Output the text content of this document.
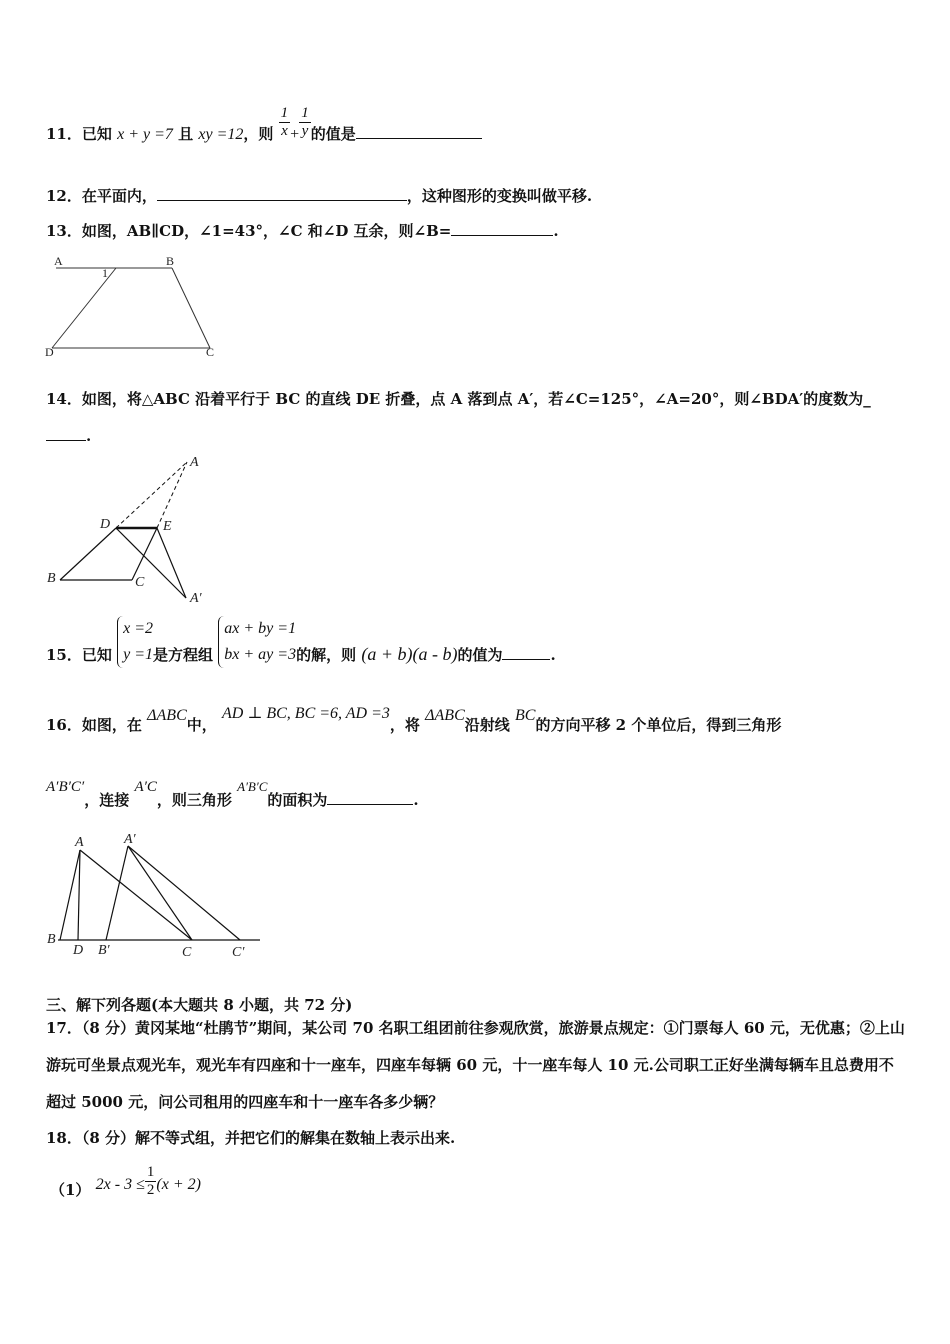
11．已知 x + y =7 且 xy =12，则 $\frac{1}{x} + \frac{1}{y}$ 的值是
12．在平面内，	，这种图形的变换叫做平移.
13．如图，AB∥CD，∠1=43°，∠C 和∠D 互余，则∠B=	.
A	B
1
D	C
14．如图，将△ABC 沿着平行于 BC 的直线 DE 折叠，点 A 落到点 A′，若∠C=125°，∠A=20°，则∠BDA′的度数为_
.
A
D	E
B	C
A′
15．已知
x =2
y =1 是方程组
ax + by =1
bx + ay =3 的解，则 (a + b)(a - b)的值为	.
16．如图，在 ΔABC中， AD ⊥ BC, BC =6, AD =3，将 ΔABC沿射线 BC的方向平移 2 个单位后，得到三角形
A′B′C′，连接 A′C，则三角形 A′B′C的面积为	.
A	A′
B
D B′	C	C′
三、解下列各题(本大题共 8 小题，共 72 分)
17．（8 分）黄冈某地“杜鹃节”期间，某公司 70 名职工组团前往参观欣赏，旅游景点规定：①门票每人 60 元，无优惠；②上山游玩可坐景点观光车，观光车有四座和十一座车，四座车每辆 60 元，十一座车每人 10 元.公司职工正好坐满每辆车且总费用不超过 5000 元，问公司租用的四座车和十一座车各多少辆？
18．（8 分）解不等式组，并把它们的解集在数轴上表示出来.
（1） $2x - 3 \le \frac{1}{2} (x + 2)$
